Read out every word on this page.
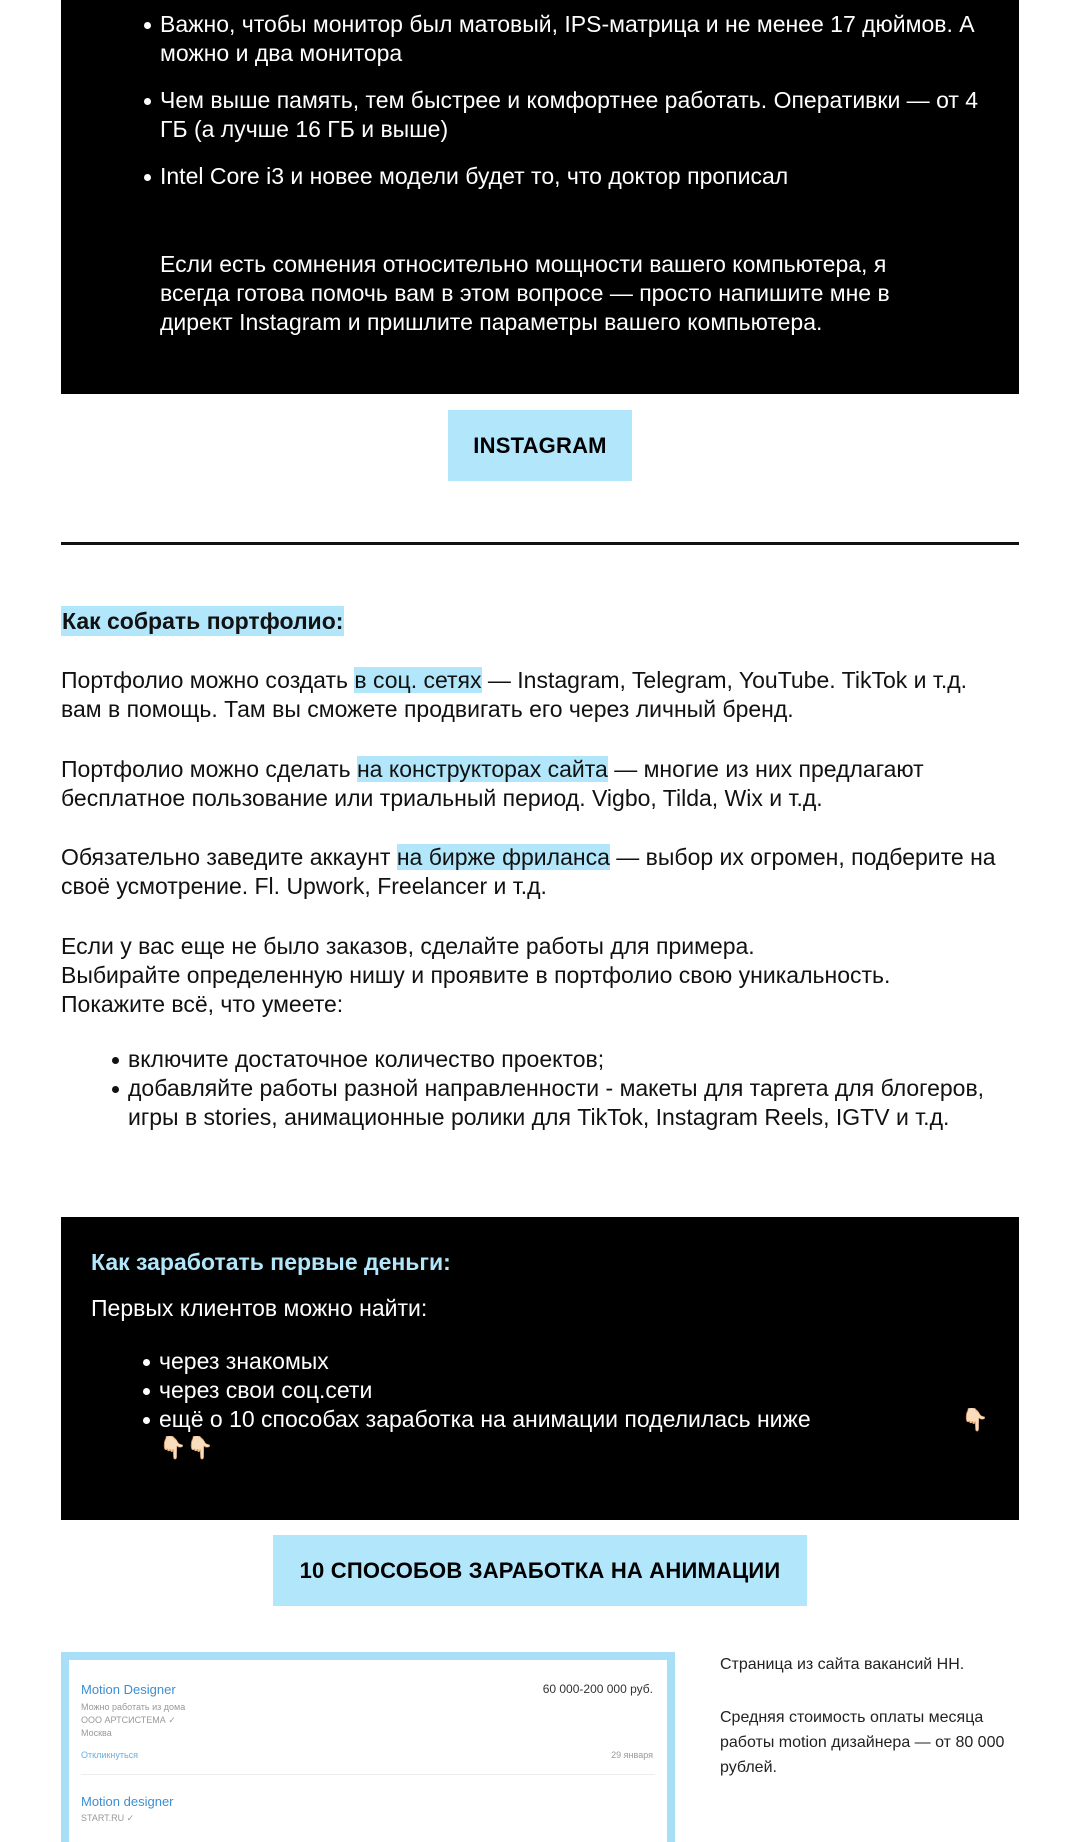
Важно, чтобы монитор был матовый, IPS-матрица и не менее 17 дюймов. А можно и два монитора
Чем выше память, тем быстрее и комфортнее работать. Оперативки — от 4 ГБ (а лучше 16 ГБ и выше)
Intel Core i3 и новее модели будет то, что доктор прописал
Если есть сомнения относительно мощности вашего компьютера, я всегда готова помочь вам в этом вопросе — просто напишите мне в директ Instagram и пришлите параметры вашего компьютера.
INSTAGRAM
Как собрать портфолио:
Портфолио можно создать в соц. сетях — Instagram, Telegram, YouTube. TikTok и т.д. вам в помощь. Там вы сможете продвигать его через личный бренд.
Портфолио можно сделать на конструкторах сайта — многие из них предлагают бесплатное пользование или триальный период. Vigbo, Tilda, Wix и т.д.
Обязательно заведите аккаунт на бирже фриланса — выбор их огромен, подберите на своё усмотрение. Fl. Upwork, Freelancer и т.д.
Если у вас еще не было заказов, сделайте работы для примера.
Выбирайте определенную нишу и проявите в портфолио свою уникальность.
Покажите всё, что умеете:
включите достаточное количество проектов;
добавляйте работы разной направленности - макеты для таргета для блогеров, игры в stories, анимационные ролики для TikTok, Instagram Reels, IGTV и т.д.
Как заработать первые деньги:
Первых клиентов можно найти:
через знакомых
через свои соц.сети
ещё о 10 способах заработка на анимации поделилась ниже	👇🏻
👇🏻👇🏻
10 СПОСОБОВ ЗАРАБОТКА НА АНИМАЦИИ
Motion Designer	60 000-200 000 руб.
Можно работать из дома
ООО АРТСИСТЕМА ✓
Москва
Откликнуться	29 января
Motion designer
START.RU ✓
Страница из сайта вакансий НН.
Средняя стоимость оплаты месяца работы motion дизайнера — от 80 000 рублей.
